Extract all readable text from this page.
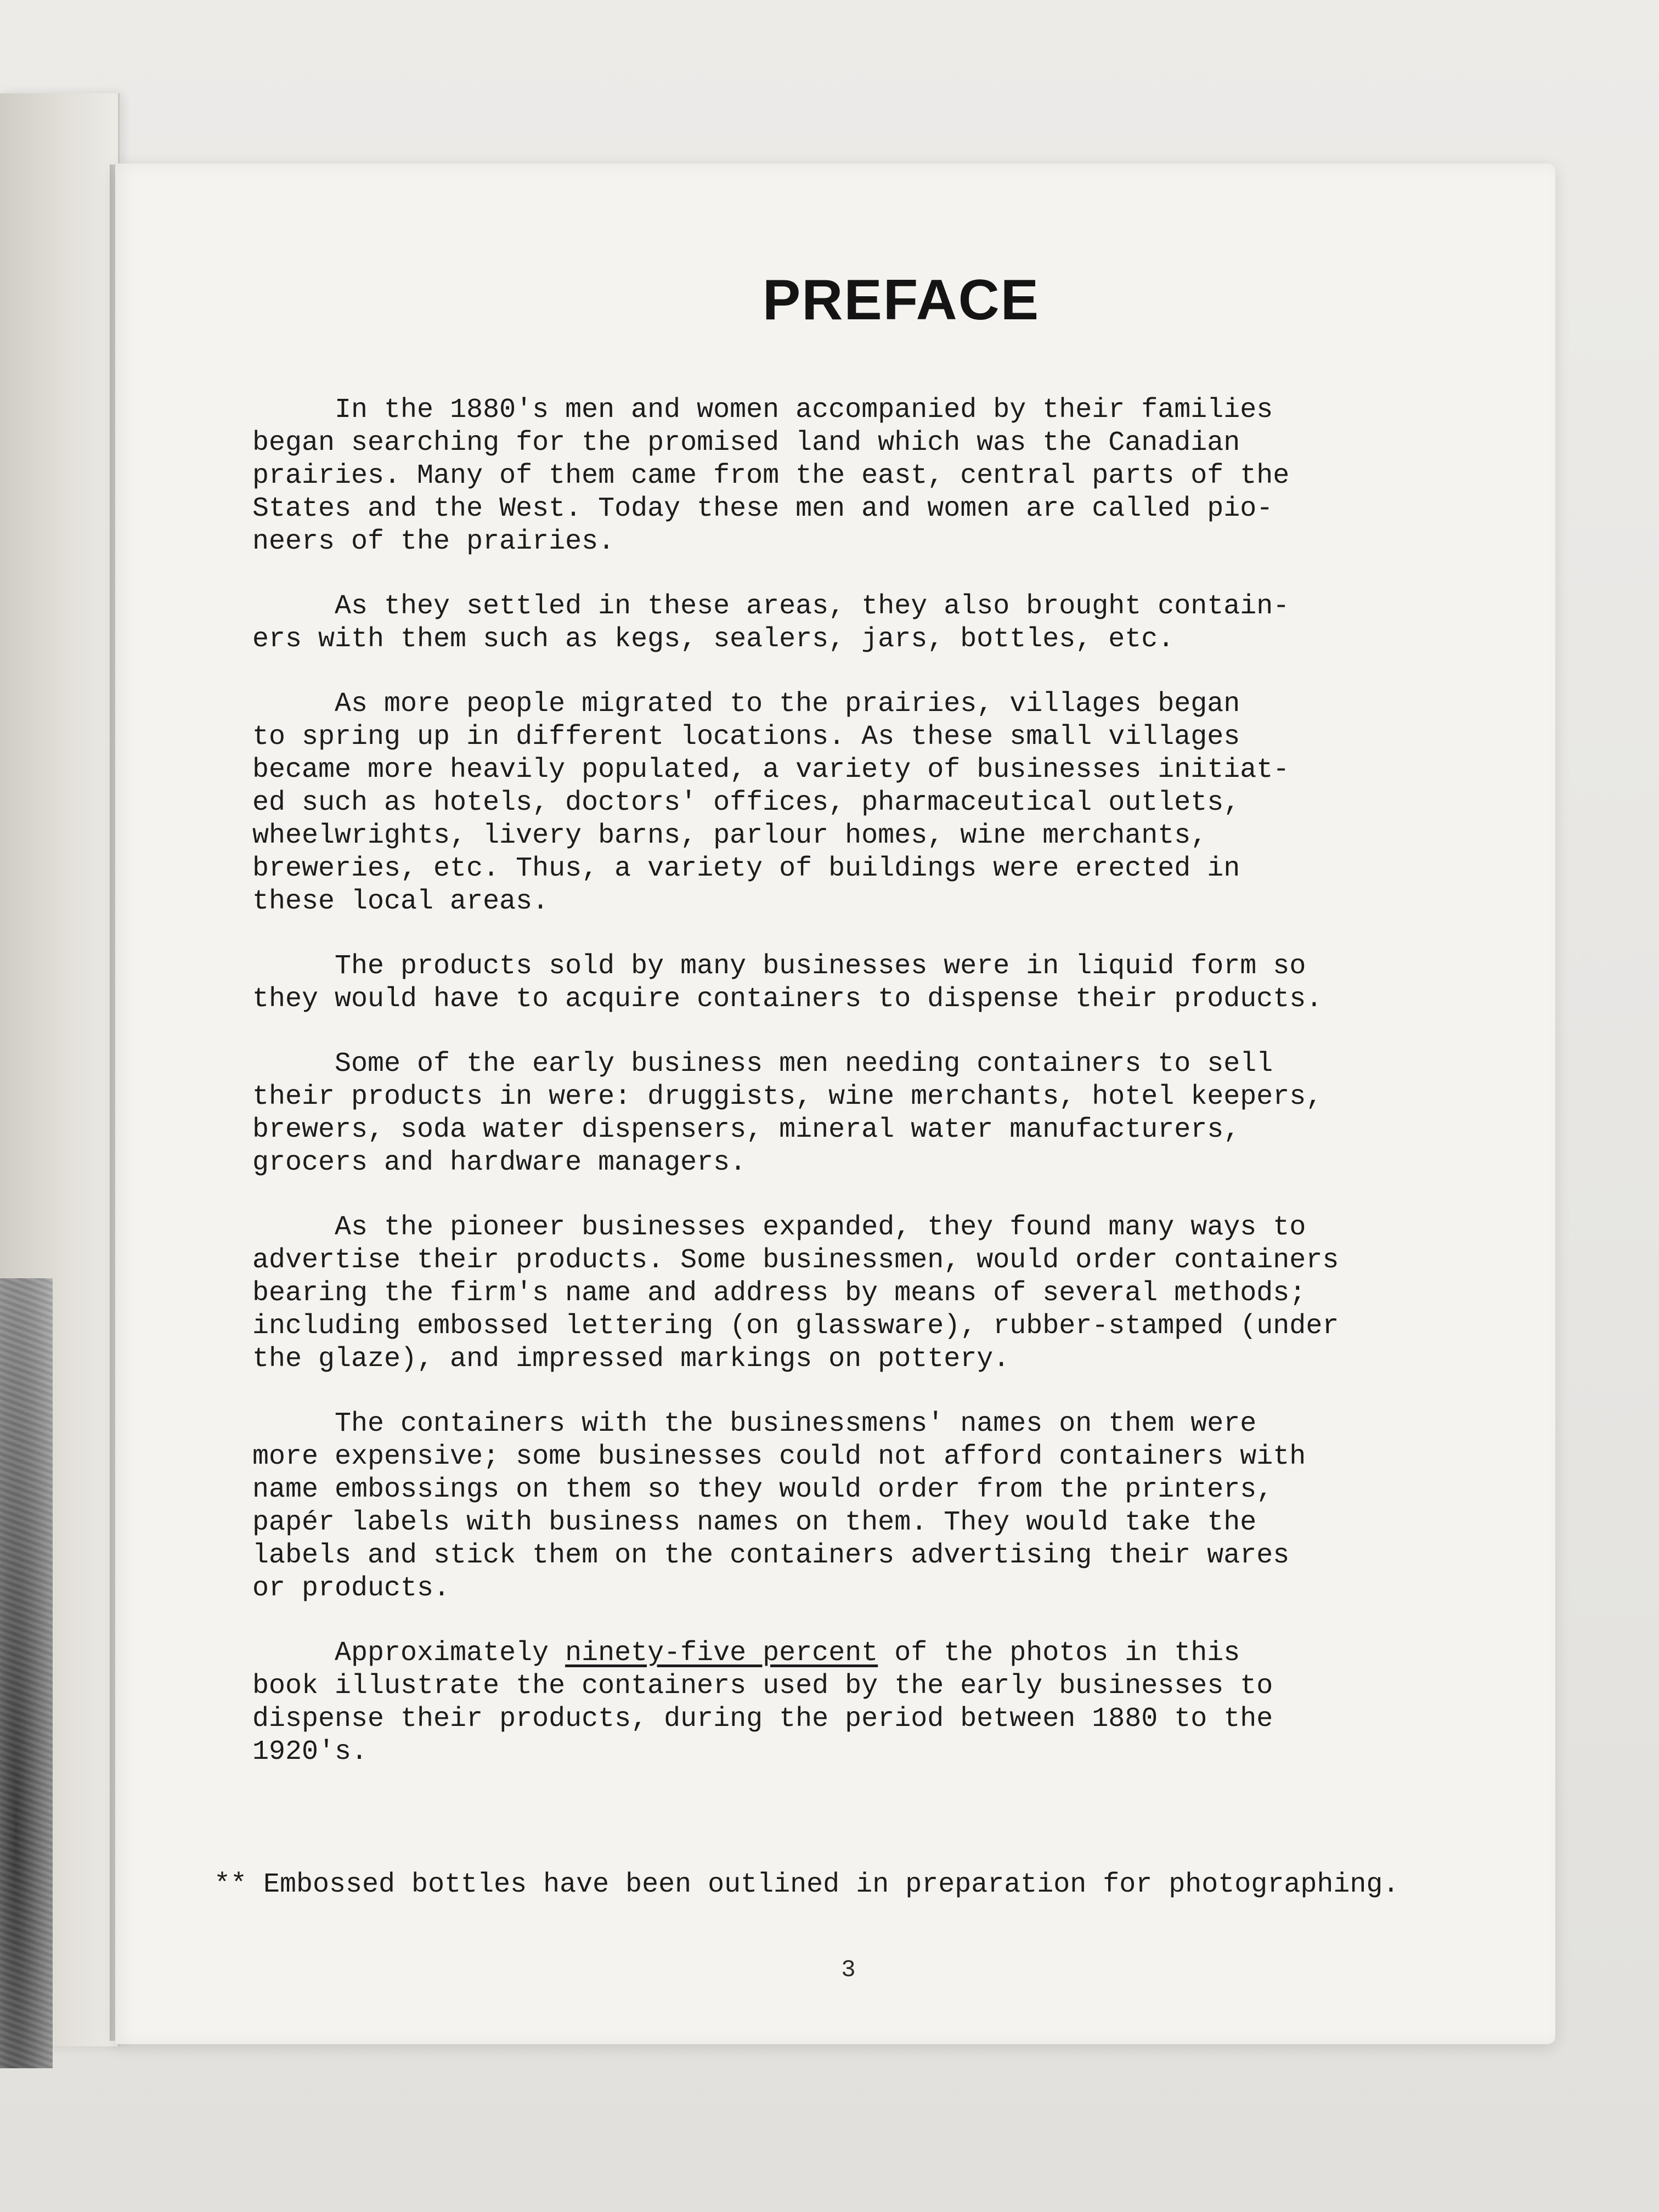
PREFACE

In the 1880's men and women accompanied by their families
began searching for the promised land which was the Canadian
prairies. Many of them came from the east, central parts of the
States and the West. Today these men and women are called pio-
neers of the prairies.

As they settled in these areas, they also brought contain-
ers with them such as kegs, sealers, jars, bottles, etc.

As more people migrated to the prairies, villages began
to spring up in different locations. As these small villages
became more heavily populated, a variety of businesses initiat-
ed such as hotels, doctors' offices, pharmaceutical outlets,
wheelwrights, livery barns, parlour homes, wine merchants,
breweries, etc. Thus, a variety of buildings were erected in
these local areas.

The products sold by many businesses were in liquid form so
they would have to acquire containers to dispense their products.

Some of the early business men needing containers to sell
their products in were: druggists, wine merchants, hotel keepers,
brewers, soda water dispensers, mineral water manufacturers,
grocers and hardware managers.

As the pioneer businesses expanded, they found many ways to
advertise their products. Some businessmen, would order containers
bearing the firm's name and address by means of several methods;
including embossed lettering (on glassware), rubber-stamped (under
the glaze), and impressed markings on pottery.

The containers with the businessmens' names on them were
more expensive; some businesses could not afford containers with
name embossings on them so they would order from the printers,
papér labels with business names on them. They would take the
labels and stick them on the containers advertising their wares
or products.

Approximately ninety-five percent of the photos in this
book illustrate the containers used by the early businesses to
dispense their products, during the period between 1880 to the
1920's.

** Embossed bottles have been outlined in preparation for photographing.
3
